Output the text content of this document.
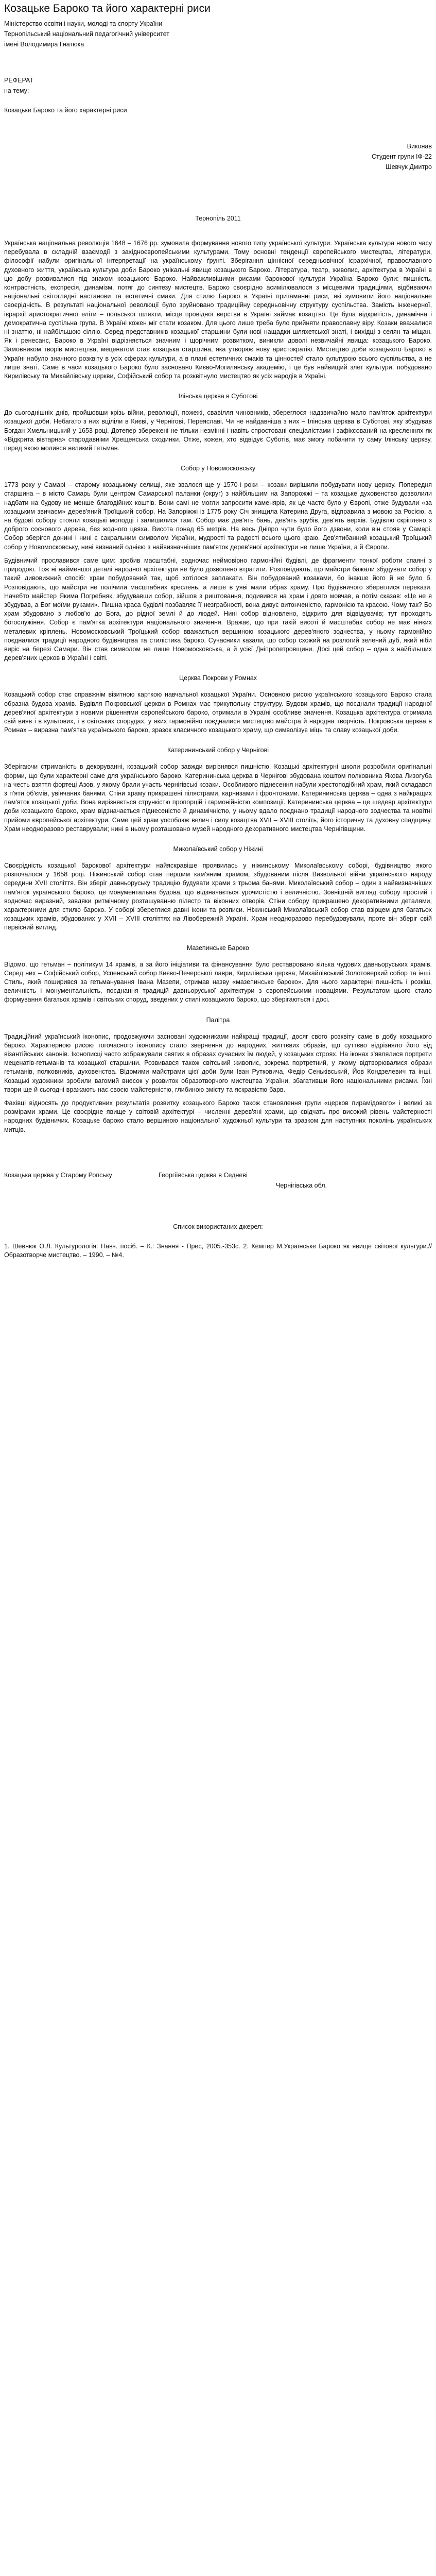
Козацьке Бароко та його характерні риси
Міністерство освіти і науки, молоді та спорту України
Тернопільський національний педагогічний університет
імені Володимира Гнатюка
РЕФЕРАТ
на тему:
Козацьке Бароко та його характерні риси
Виконав
Студент групи ІФ-22
Шевчук Дмитро
Тернопіль 2011

Українська національна революція 1648 – 1676 рр. зумовила формування нового типу української культури. Українська культура нового часу перебувала в складній взаємодії з західноєвропейськими культурами. Тому основні тенденції європейського мистецтва, літератури, філософії набули оригінальної інтерпретації на українському ґрунті. Зберігання ціннісної середньовічної ієрархічної, православного духовного життя, українська культура доби Бароко унікальні явище козацького Бароко. Література, театр, живопис, архітектура в Україні в цю добу розвивалися під знаком козацького Бароко. Найважливішими рисами барокової культури Україна Бароко були: пишність, контрастність, експресія, динамізм, потяг до синтезу мистецтв. Бароко своєрідно асимілювалося з місцевими традиціями, відбиваючи національні світоглядні настанови та естетичні смаки. Для стилю Бароко в Україні притаманні риси, які зумовили його національне своєрідність. В результаті національної революції було зруйновано традиційну середньовічну структуру суспільства. Замість інженерної, ієрархії аристократичної еліти – польської шляхти, місце провідної верстви в Україні займає козацтво. Це була відкритість, динамічна і демократична суспільна група. В Україні кожен міг стати козаком. Для цього лише треба було прийняти православну віру. Козаки вважалися ні знаттю, ні найбільшою сіллю. Серед представників козацької старшини були нові нащадки шляхетської знаті, і вихідці з селян та міщан. Як і ренесанс, Бароко в Україні відрізняється значним і щорічним розвитком, виникли доволі незвичайні явища: козацького Бароко. Замовником творів мистецтва, меценатом стає козацька старшина, яка утворює нову аристократію. Мистецтво доби козацького Бароко в Україні набуло значного розквіту в усіх сферах культури, а в плані естетичних смаків та цінностей стало культурою всього суспільства, а не лише знаті. Саме в часи козацького Бароко було засновано Києво-Могилянську академію, і це був найвищий злет культури, побудовано Кирилівську та Михайлівську церкви, Софійський собор та розквітнуло мистецтво як усіх народів в Україні.

Ілінська церква в Суботові

До сьогоднішніх днів, пройшовши крізь війни, революції, пожежі, свавілля чиновників, збереглося надзвичайно мало пам'яток архітектури козацької доби. Небагато з них вціліли в Києві, у Чернігові, Переяславі. Чи не найдавніша з них – Ілінська церква в Суботові, яку збудував Богдан Хмельницький у 1653 році. Дотепер збережені не тільки незмінні і навіть спростовані спеціалістами і зафіксований на кресленнях як «Відкрита вівтарна» стародавніми Хрещенська сходинки. Отже, кожен, хто відвідує Суботів, має змогу побачити ту саму Ілінську церкву, перед якою молився великий гетьман.

Собор у Новомосковську

1773 року у Самарі – старому козацькому селищі, яке звалося ще у 1570-і роки – козаки вирішили побудувати нову церкву. Попередня старшина – в місто Самарь були центром Самарської паланки (округ) з найбільшим на Запорожжі – та козацьке духовенство дозволили надбати на будову не менше благодійних коштів. Вони самі не могли запросити каменярів, як це часто було у Європі, отже будували «за козацьким звичаєм» дерев'яний Троїцький собор. На Запоріжжі із 1775 року Січ знищила Катерина Друга, відправила з мовою за Росією, а на будові собору стояли козацькі молодці і залишилися там. Собор має дев'ять бань, дев'ять зрубів, дев'ять верхів. Будівлю скріплено з доброго соснового дерева, без жодного цвяха. Висота понад 65 метрів. На весь Дніпро чути було його дзвони, коли він стояв у Самарі. Собор зберігся донині і нині є сакральним символом України, мудрості та радості всього цього краю. Дев'ятибанний козацький Троїцький собор у Новомосковську, нині визнаний однією з найвизначніших пам'яток дерев'яної архітектури не лише України, а й Європи.

Будівничий прославився саме цим: зробив масштабні, водночас неймовірно гармонійні будівлі, де фрагменти тонкої роботи спаяні з природою. Тож ні найменшої деталі народної архітектури не було дозволено втратити. Розповідають, що майстри бажали збудувати собор у такий дивовижний спосіб: храм побудований так, щоб хотілося заплакати. Він побудований козаками, бо інакше його й не було б. Розповідають, що майстри не полічили масштабних креслень, а лише в уяві мали образ храму. Про будівничого збереглися перекази. Начебто майстер Якима Погребняк, збудувавши собор, зійшов з риштовання, подивився на храм і довго мовчав, а потім сказав: «Це не я збудував, а Бог моїми руками». Пишна краса будівлі позбавляє її незграбності, вона дивує витонченістю, гармонією та красою. Чому так? Бо храм збудовано з любов'ю до Бога, до рідної землі й до людей. Нині собор відновлено, відкрито для відвідувачів; тут проходять богослужіння. Собор є пам'ятка архітектури національного значення. Вражає, що при такій висоті й масштабах собор не має ніяких металевих кріплень. Новомосковський Троїцький собор вважається вершиною козацького дерев'яного зодчества, у ньому гармонійно поєдналися традиції народного будівництва та стилістика бароко. Сучасники казали, що собор схожий на розлогий зелений дуб, який ніби виріс на березі Самари. Він став символом не лише Новомосковська, а й усієї Дніпропетровщини. Досі цей собор – одна з найбільших дерев'яних церков в Україні і світі.

Церква Покрови у Ромнах

Козацький собор стає справжнім візитною карткою навчальної козацької України. Основною рисою українського козацького Бароко стала образна будова храмів. Будівля Покровської церкви в Ромнах має трикупольну структуру. Будови храмів, що поєднали традиції народної дерев'яної архітектури з новими рішеннями європейського бароко, отримали в Україні особливе значення. Козацька архітектура отримала свій вияв і в культових, і в світських спорудах, у яких гармонійно поєдналися мистецтво майстра й народна творчість. Покровська церква в Ромнах – виразна пам'ятка українського бароко, зразок класичного козацького храму, що символізує міць та славу козацької доби.

Катерининський собор у Чернігові

Зберігаючи стриманість в декоруванні, козацький собор завжди вирізнявся пишністю. Козацькі архітектурні школи розробили оригінальні форми, що були характерні саме для українського бароко. Катерининська церква в Чернігові збудована коштом полковника Якова Лизогуба на честь взяття фортеці Азов, у якому брали участь чернігівські козаки. Особливого піднесення набули хрестоподібний храм, який складався з п'яти об'ємів, увінчаних банями. Стіни храму прикрашені пілястрами, карнизами і фронтонами. Катерининська церква – одна з найкращих пам'яток козацької доби. Вона вирізняється стрункістю пропорцій і гармонійністю композиції. Катерининська церква – це шедевр архітектури доби козацького бароко, храм відзначається піднесеністю й динамічністю, у ньому вдало поєднано традиції народного зодчества та новітні прийоми європейської архітектури. Саме цей храм уособлює велич і силу козацтва XVII – XVIII століть, його історичну та духовну спадщину. Храм неодноразово реставрували; нині в ньому розташовано музей народного декоративного мистецтва Чернігівщини.

Миколаївський собор у Ніжині

Своєрідність козацької барокової архітектури найяскравіше проявилась у ніжинському Миколаївському соборі, будівництво якого розпочалося у 1658 році. Ніжинський собор став першим кам'яним храмом, збудованим після Визвольної війни українського народу середини XVII століття. Він зберіг давньоруську традицію будувати храми з трьома банями. Миколаївський собор – один з найвизначніших пам'яток українського бароко, це монументальна будова, що відзначається урочистістю і величністю. Зовнішній вигляд собору простий і водночас виразний, завдяки ритмічному розташуванню пілястр та віконних отворів. Стіни собору прикрашено декоративними деталями, характерними для стилю бароко. У соборі збереглися давні ікони та розписи. Ніжинський Миколаївський собор став взірцем для багатьох козацьких храмів, збудованих у XVII – XVIII століттях на Лівобережній Україні. Храм неодноразово перебудовували, проте він зберіг свій первісний вигляд.

Мазепинське Бароко

Відомо, що гетьман – політикум 14 храмів, а за його ініціативи та фінансування було реставровано кілька чудових давньоруських храмів. Серед них – Софійський собор, Успенський собор Києво-Печерської лаври, Кирилівська церква, Михайлівський Золотоверхий собор та інші. Стиль, який поширився за гетьманування Івана Мазепи, отримав назву «мазепинське бароко». Для нього характерні пишність і розкіш, величність і монументальність, поєднання традицій давньоруської архітектури з європейськими новаціями. Результатом цього стало формування багатьох храмів і світських споруд, зведених у стилі козацького бароко, що зберігаються і досі.

Палітра

Традиційний український іконопис, продовжуючи засновані художниками найкращі традиції, досяг свого розквіту саме в добу козацького бароко. Характерною рисою тогочасного іконопису стало звернення до народних, життєвих образів, що суттєво відрізняло його від візантійських канонів. Іконописці часто зображували святих в образах сучасних їм людей, у козацьких строях. На іконах з'являлися портрети меценатів-гетьманів та козацької старшини. Розвивався також світський живопис, зокрема портретний, у якому відтворювалися образи гетьманів, полковників, духовенства. Відомими майстрами цієї доби були Іван Рутковича, Федір Сеньківський, Йов Кондзелевич та інші. Козацькі художники зробили вагомий внесок у розвиток образотворчого мистецтва України, збагативши його національними рисами. Їхні твори ще й сьогодні вражають нас своєю майстерністю, глибиною змісту та яскравістю барв.

Фахівці відносять до продуктивних результатів розвитку козацького Бароко також становлення групи «церков пирамідового» і великі за розмірами храми. Це своєрідне явище у світовій архітектурі – численні дерев'яні храми, що свідчать про високий рівень майстерності народних будівничих. Козацьке бароко стало вершиною національної художньої культури та зразком для наступних поколінь українських митців.

Козацька церква у Старому Ропську	Георгіївська церква в Седневі
Чернігівська обл.
Список використаних джерел:

1. Шевнюк О.Л. Культурологія: Навч. посіб. – К.: Знання - Прес, 2005.-353с. 2. Кемпер М.Українське Бароко як явище світової культури.//Образотворче мистецтво. – 1990. – №4.
